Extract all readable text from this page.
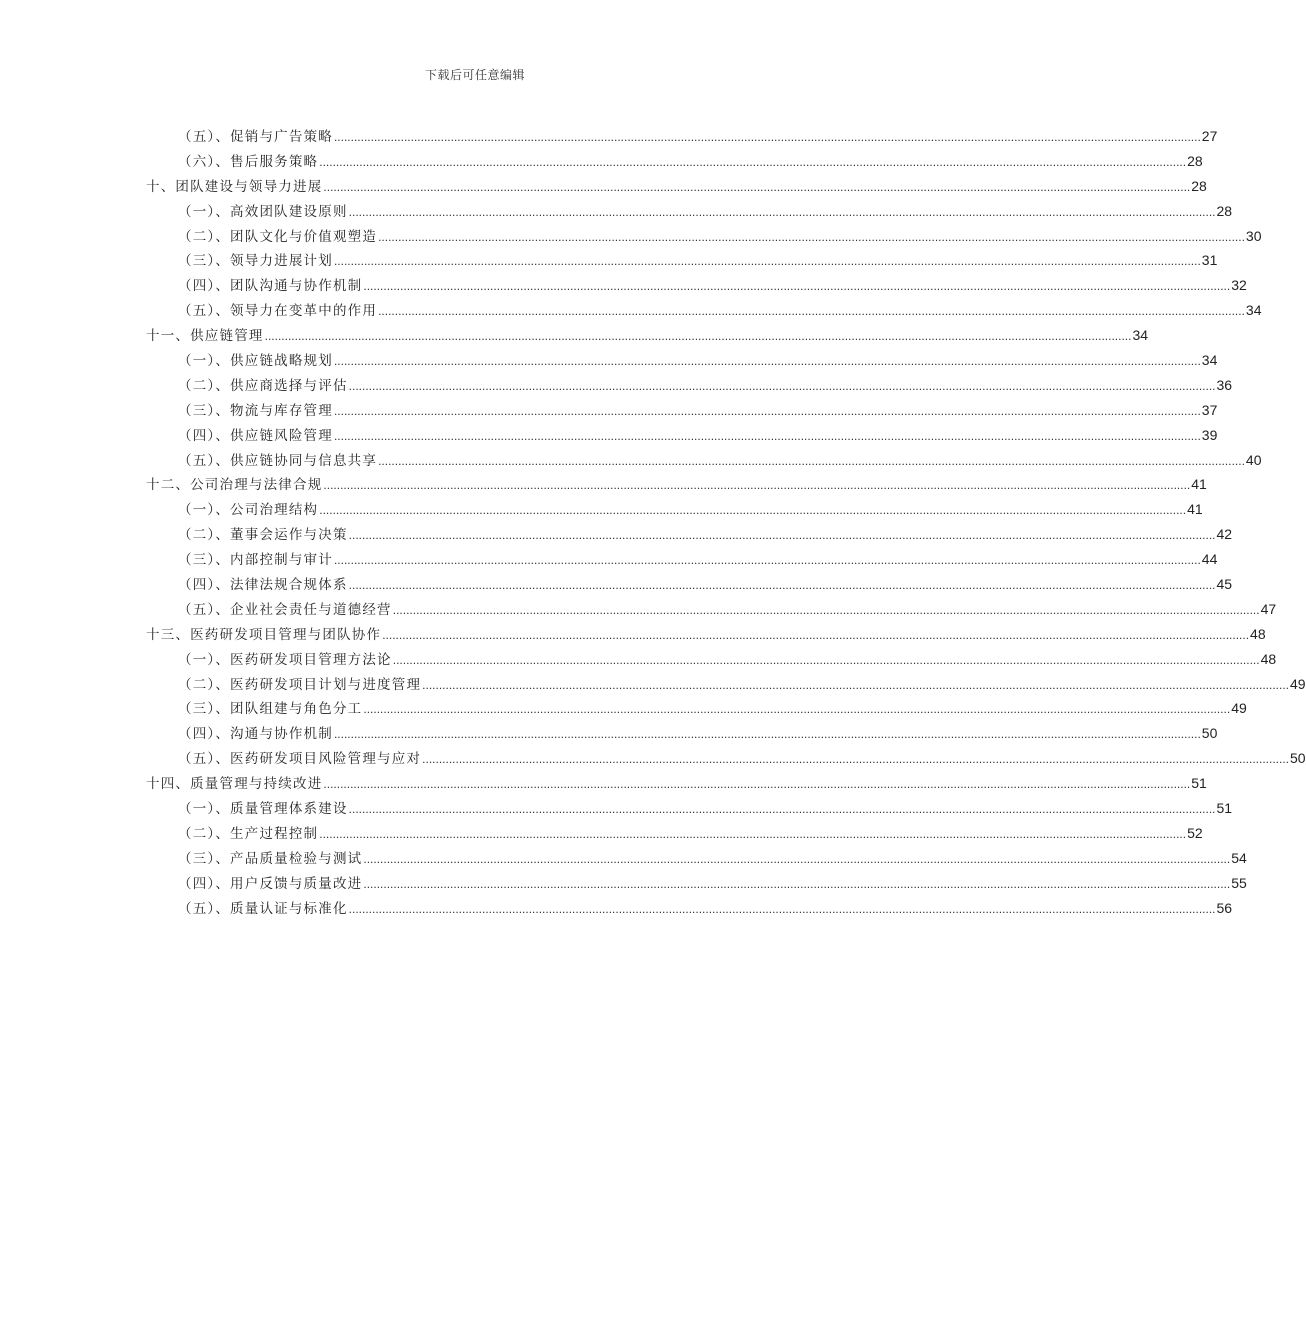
下载后可任意编辑
（五）、促销与广告策略 .................................................................................................................................................................................................................................................................... 27
（六）、售后服务策略 .................................................................................................................................................................................................................................................................... 28
十、团队建设与领导力进展 .................................................................................................................................................................................................................................................................... 28
（一）、高效团队建设原则 .................................................................................................................................................................................................................................................................... 28
（二）、团队文化与价值观塑造 .................................................................................................................................................................................................................................................................... 30
（三）、领导力进展计划 .................................................................................................................................................................................................................................................................... 31
（四）、团队沟通与协作机制 .................................................................................................................................................................................................................................................................... 32
（五）、领导力在变革中的作用 .................................................................................................................................................................................................................................................................... 34
十一、供应链管理 .................................................................................................................................................................................................................................................................... 34
（一）、供应链战略规划 .................................................................................................................................................................................................................................................................... 34
（二）、供应商选择与评估 .................................................................................................................................................................................................................................................................... 36
（三）、物流与库存管理 .................................................................................................................................................................................................................................................................... 37
（四）、供应链风险管理 .................................................................................................................................................................................................................................................................... 39
（五）、供应链协同与信息共享 .................................................................................................................................................................................................................................................................... 40
十二、公司治理与法律合规 .................................................................................................................................................................................................................................................................... 41
（一）、公司治理结构 .................................................................................................................................................................................................................................................................... 41
（二）、董事会运作与决策 .................................................................................................................................................................................................................................................................... 42
（三）、内部控制与审计 .................................................................................................................................................................................................................................................................... 44
（四）、法律法规合规体系 .................................................................................................................................................................................................................................................................... 45
（五）、企业社会责任与道德经营 .................................................................................................................................................................................................................................................................... 47
十三、医药研发项目管理与团队协作 .................................................................................................................................................................................................................................................................... 48
（一）、医药研发项目管理方法论 .................................................................................................................................................................................................................................................................... 48
（二）、医药研发项目计划与进度管理 .................................................................................................................................................................................................................................................................... 49
（三）、团队组建与角色分工 .................................................................................................................................................................................................................................................................... 49
（四）、沟通与协作机制 .................................................................................................................................................................................................................................................................... 50
（五）、医药研发项目风险管理与应对 .................................................................................................................................................................................................................................................................... 50
十四、质量管理与持续改进 .................................................................................................................................................................................................................................................................... 51
（一）、质量管理体系建设 .................................................................................................................................................................................................................................................................... 51
（二）、生产过程控制 .................................................................................................................................................................................................................................................................... 52
（三）、产品质量检验与测试 .................................................................................................................................................................................................................................................................... 54
（四）、用户反馈与质量改进 .................................................................................................................................................................................................................................................................... 55
（五）、质量认证与标准化 .................................................................................................................................................................................................................................................................... 56
